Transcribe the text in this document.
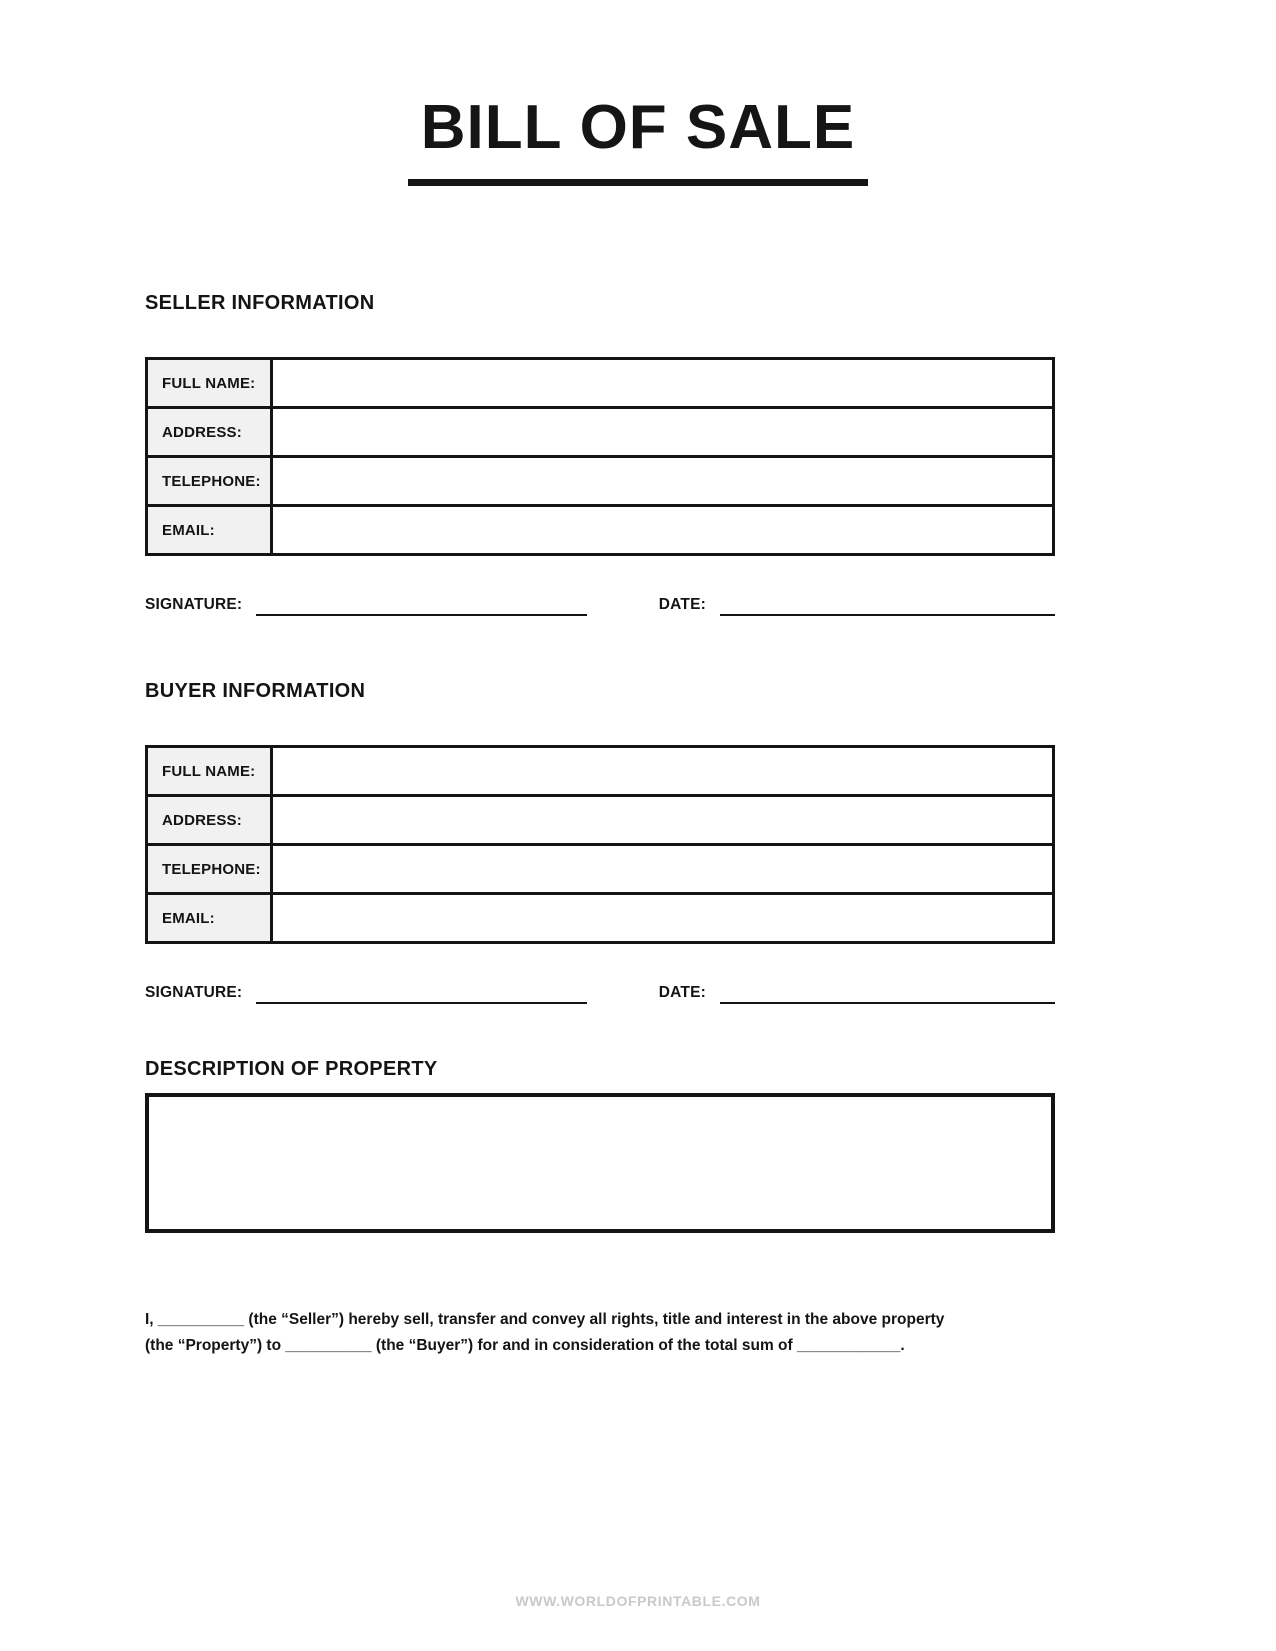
BILL OF SALE
SELLER INFORMATION
FULL NAME:	
ADDRESS:	
TELEPHONE:	
EMAIL:	
SIGNATURE:	DATE:
BUYER INFORMATION
FULL NAME:	
ADDRESS:	
TELEPHONE:	
EMAIL:	
SIGNATURE:	DATE:
DESCRIPTION OF PROPERTY
I, __________ (the “Seller”) hereby sell, transfer and convey all rights, title and interest in the above property
(the “Property”) to __________ (the “Buyer”) for and in consideration of the total sum of ____________.
WWW.WORLDOFPRINTABLE.COM
